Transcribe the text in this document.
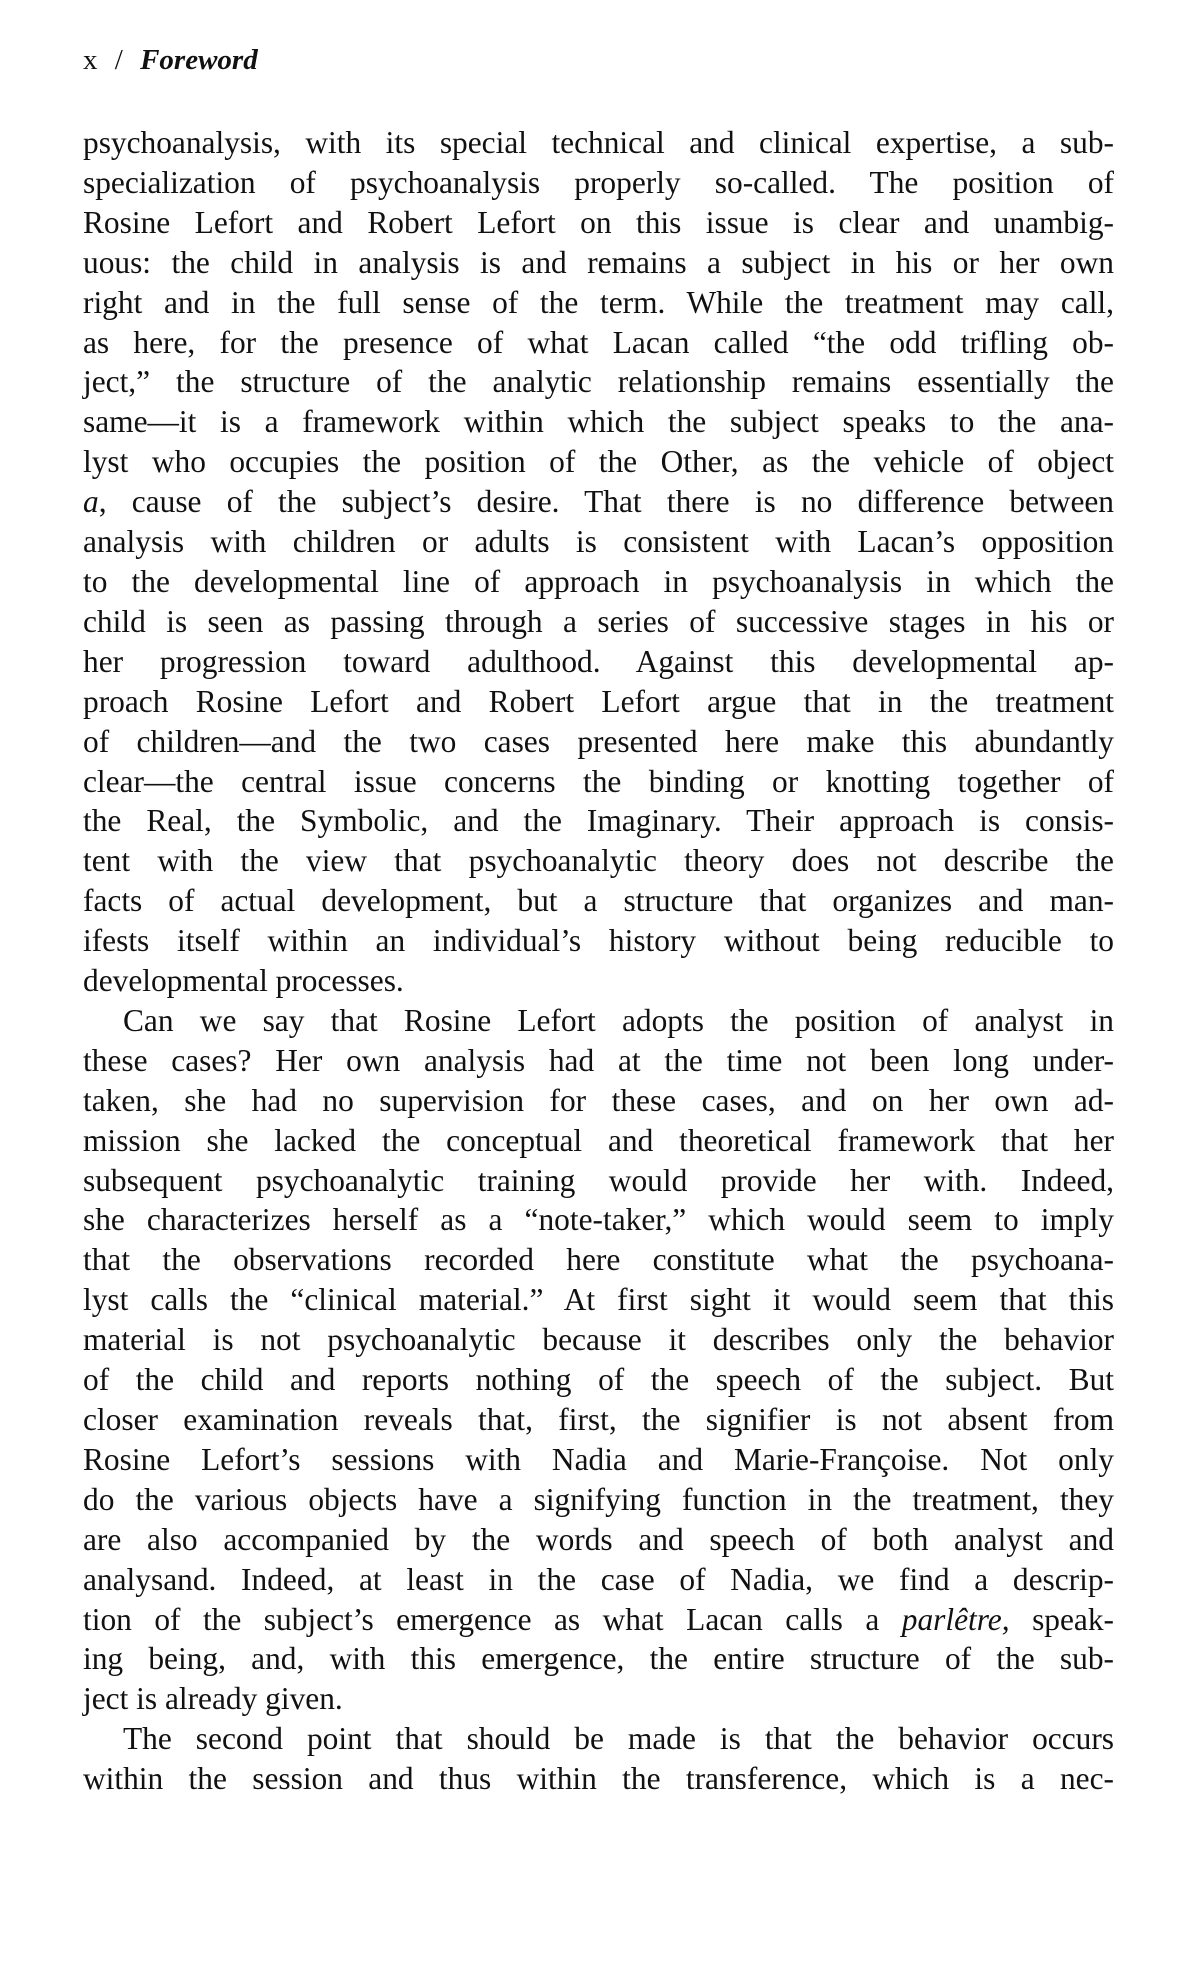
x / Foreword
psychoanalysis, with its special technical and clinical expertise, a sub-
specialization of psychoanalysis properly so-called. The position of
Rosine Lefort and Robert Lefort on this issue is clear and unambig-
uous: the child in analysis is and remains a subject in his or her own
right and in the full sense of the term. While the treatment may call,
as here, for the presence of what Lacan called “the odd trifling ob-
ject,” the structure of the analytic relationship remains essentially the
same—it is a framework within which the subject speaks to the ana-
lyst who occupies the position of the Other, as the vehicle of object
a, cause of the subject’s desire. That there is no difference between
analysis with children or adults is consistent with Lacan’s opposition
to the developmental line of approach in psychoanalysis in which the
child is seen as passing through a series of successive stages in his or
her progression toward adulthood. Against this developmental ap-
proach Rosine Lefort and Robert Lefort argue that in the treatment
of children—and the two cases presented here make this abundantly
clear—the central issue concerns the binding or knotting together of
the Real, the Symbolic, and the Imaginary. Their approach is consis-
tent with the view that psychoanalytic theory does not describe the
facts of actual development, but a structure that organizes and man-
ifests itself within an individual’s history without being reducible to
developmental processes.
Can we say that Rosine Lefort adopts the position of analyst in
these cases? Her own analysis had at the time not been long under-
taken, she had no supervision for these cases, and on her own ad-
mission she lacked the conceptual and theoretical framework that her
subsequent psychoanalytic training would provide her with. Indeed,
she characterizes herself as a “note-taker,” which would seem to imply
that the observations recorded here constitute what the psychoana-
lyst calls the “clinical material.” At first sight it would seem that this
material is not psychoanalytic because it describes only the behavior
of the child and reports nothing of the speech of the subject. But
closer examination reveals that, first, the signifier is not absent from
Rosine Lefort’s sessions with Nadia and Marie-Françoise. Not only
do the various objects have a signifying function in the treatment, they
are also accompanied by the words and speech of both analyst and
analysand. Indeed, at least in the case of Nadia, we find a descrip-
tion of the subject’s emergence as what Lacan calls a parlêtre, speak-
ing being, and, with this emergence, the entire structure of the sub-
ject is already given.
The second point that should be made is that the behavior occurs
within the session and thus within the transference, which is a nec-
